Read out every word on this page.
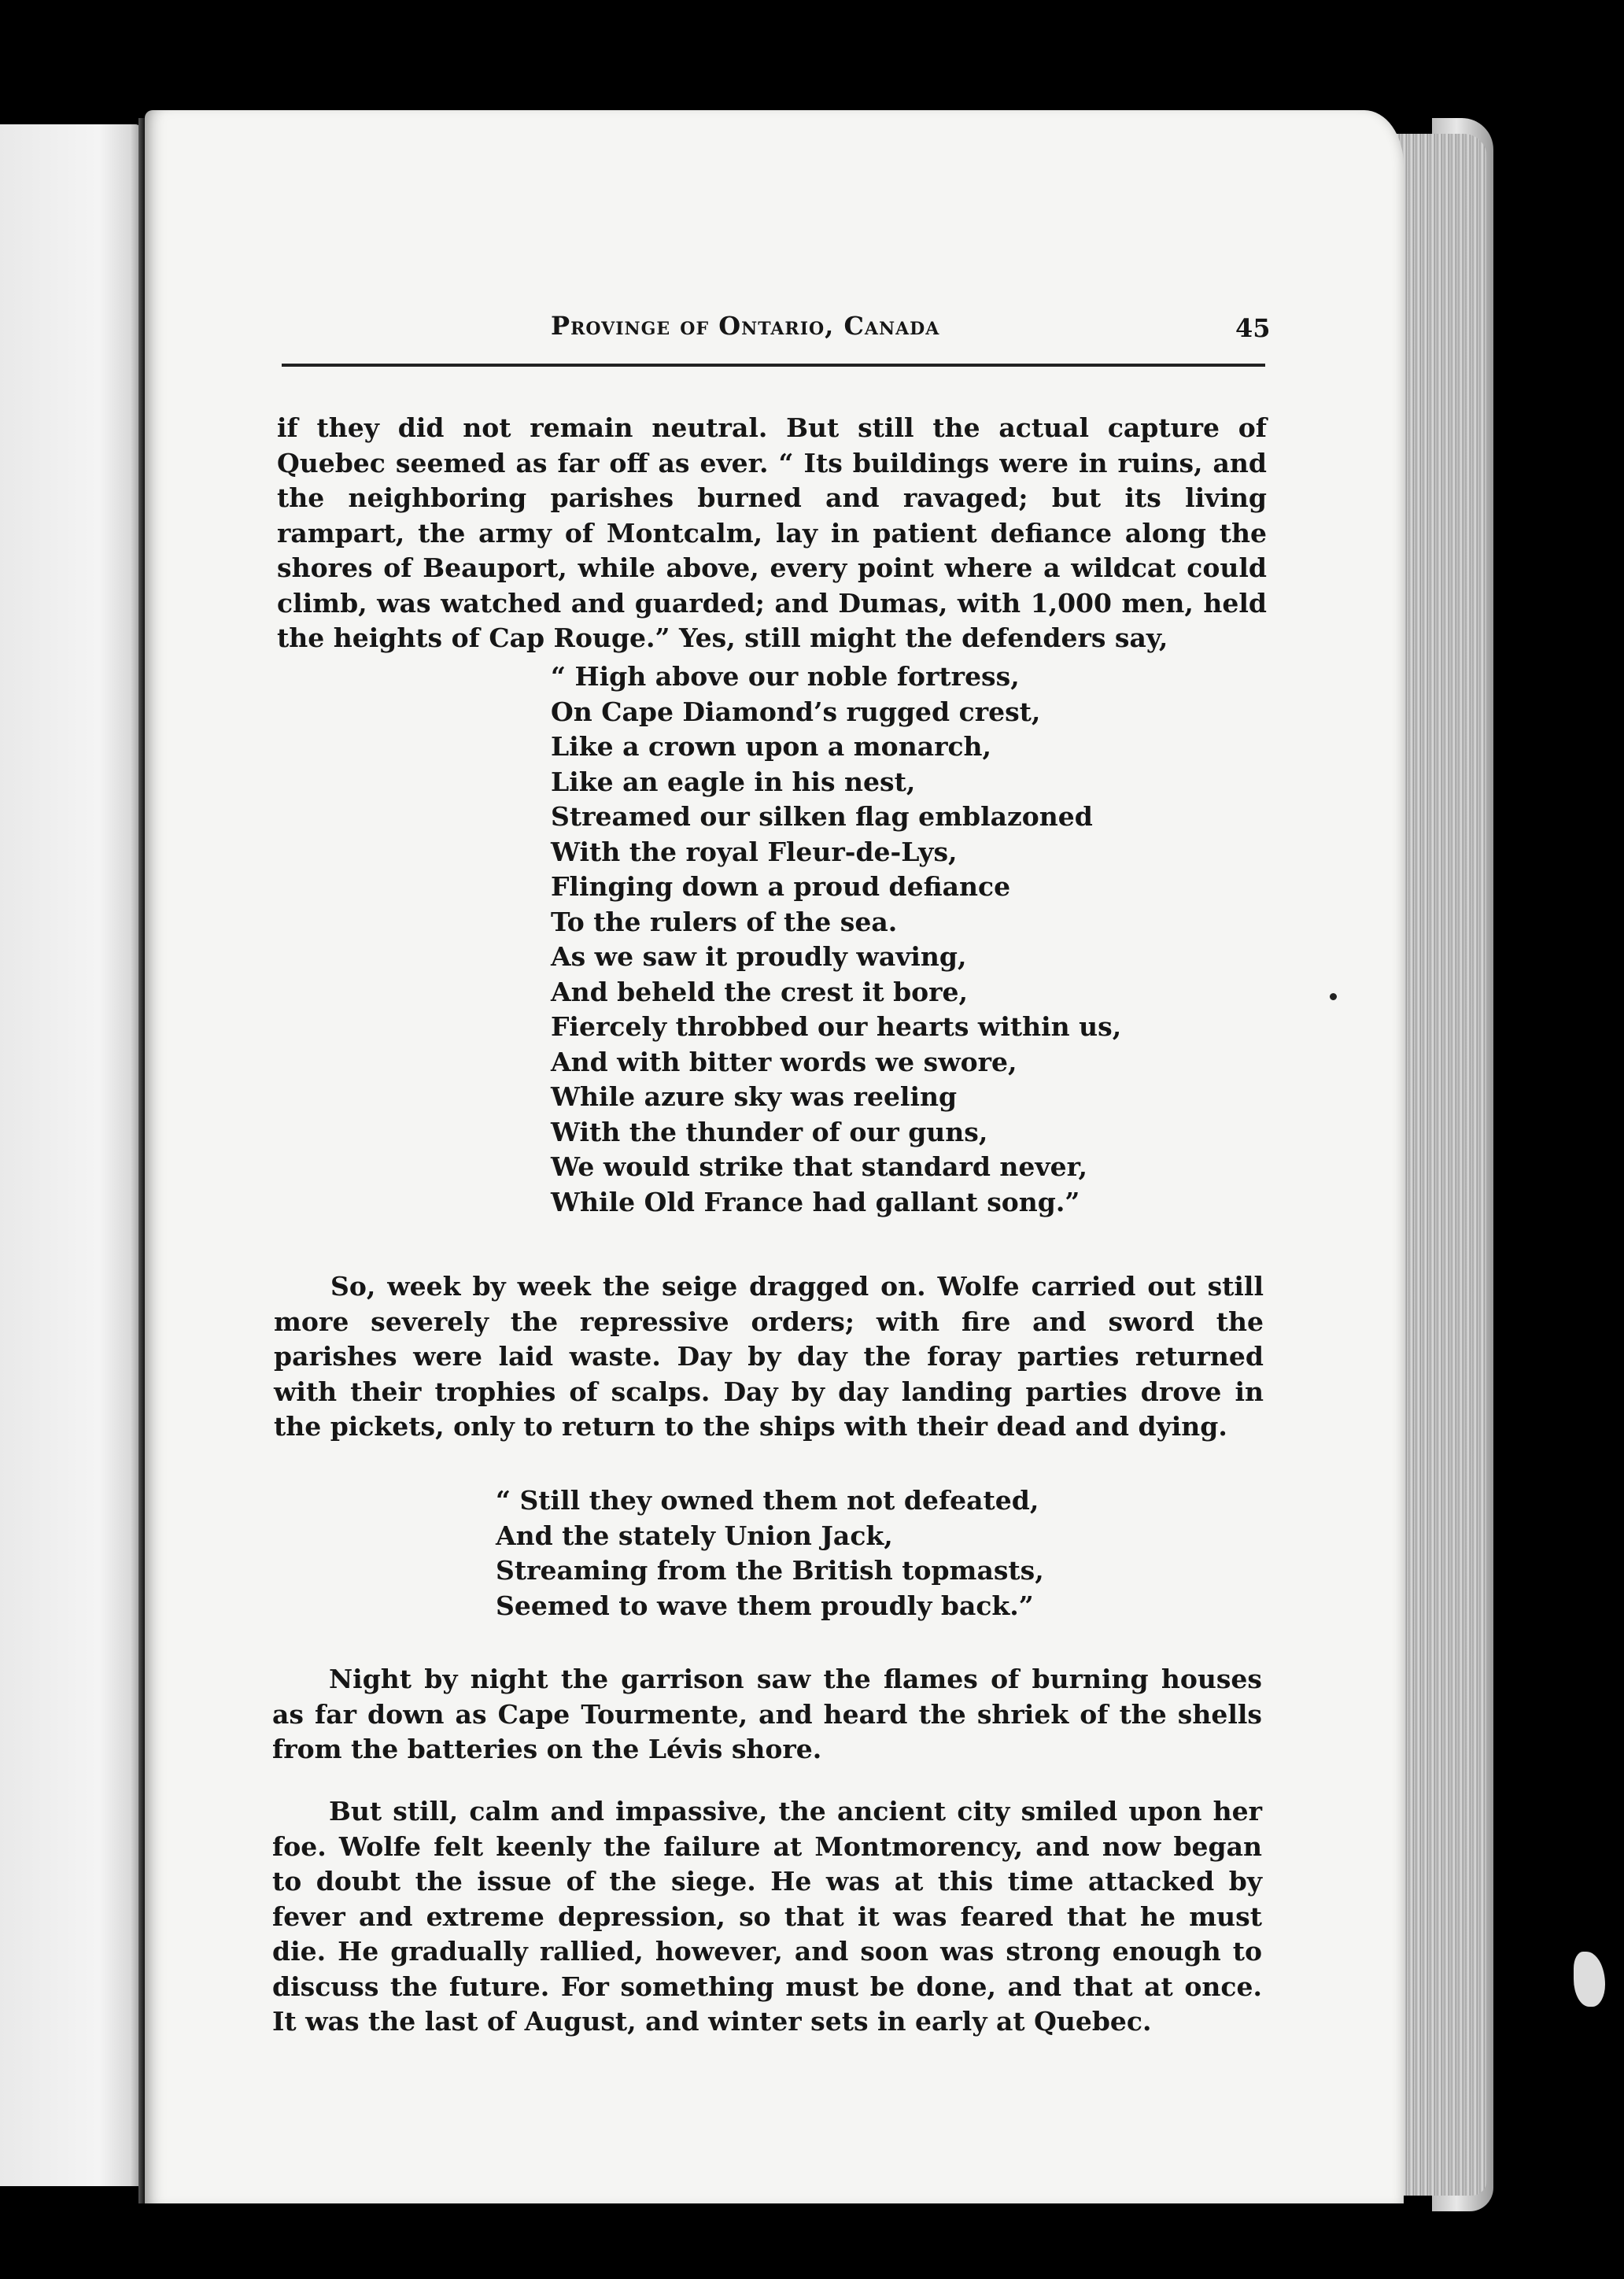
Provinge of Ontario, Canada	45

if they did not remain neutral. But still the actual capture of Quebec seemed as far off as ever. “ Its buildings were in ruins, and the neighboring parishes burned and ravaged; but its living rampart, the army of Montcalm, lay in patient defiance along the shores of Beauport, while above, every point where a wildcat could climb, was watched and guarded; and Dumas, with 1,000 men, held the heights of Cap Rouge.” Yes, still might the defenders say,

“ High above our noble fortress,
On Cape Diamond’s rugged crest,
Like a crown upon a monarch,
Like an eagle in his nest,
Streamed our silken flag emblazoned
With the royal Fleur-de-Lys,
Flinging down a proud defiance
To the rulers of the sea.
As we saw it proudly waving,
And beheld the crest it bore,
Fiercely throbbed our hearts within us,
And with bitter words we swore,
While azure sky was reeling
With the thunder of our guns,
We would strike that standard never,
While Old France had gallant song.”

So, week by week the seige dragged on. Wolfe carried out still more severely the repressive orders; with fire and sword the parishes were laid waste. Day by day the foray parties returned with their trophies of scalps. Day by day landing parties drove in the pickets, only to return to the ships with their dead and dying.

“ Still they owned them not defeated,
And the stately Union Jack,
Streaming from the British topmasts,
Seemed to wave them proudly back.”

Night by night the garrison saw the flames of burning houses as far down as Cape Tourmente, and heard the shriek of the shells from the batteries on the Lévis shore.

But still, calm and impassive, the ancient city smiled upon her foe. Wolfe felt keenly the failure at Montmorency, and now began to doubt the issue of the siege. He was at this time attacked by fever and extreme depression, so that it was feared that he must die. He gradually rallied, however, and soon was strong enough to discuss the future. For something must be done, and that at once. It was the last of August, and winter sets in early at Quebec.
